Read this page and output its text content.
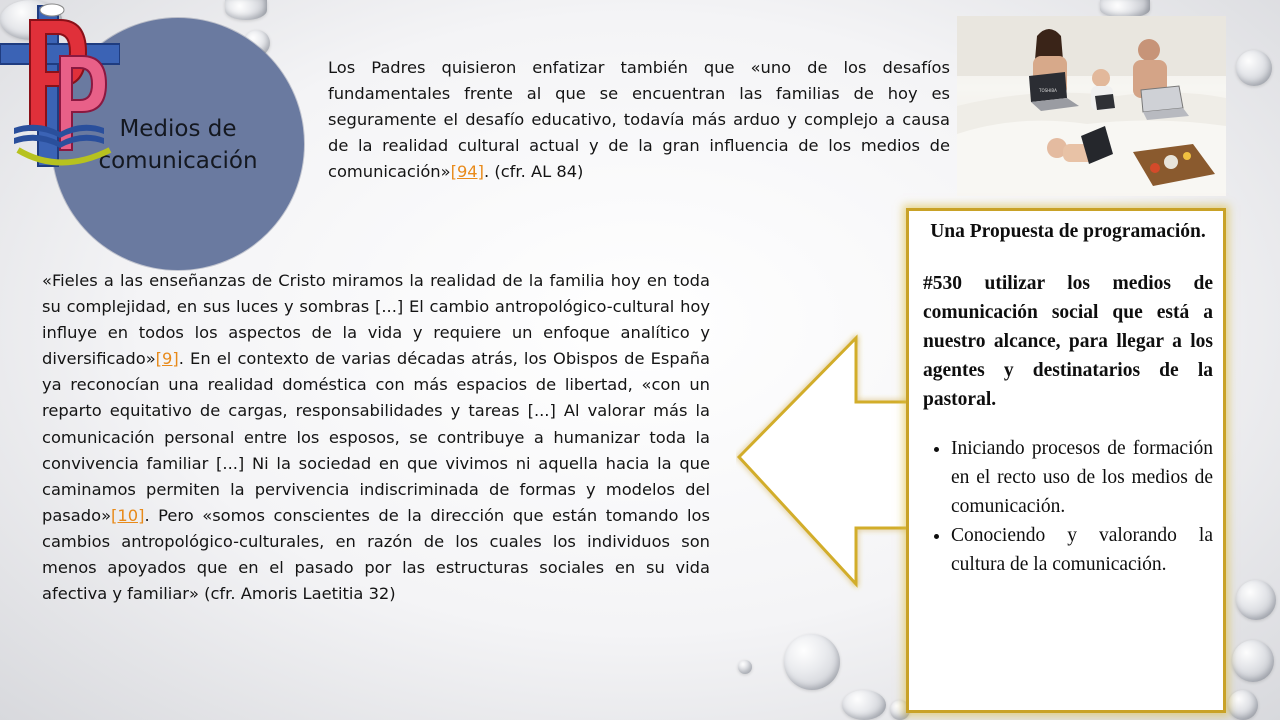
Medios de
comunicación
Los Padres quisieron enfatizar también que «uno de los desafíos fundamentales frente al que se encuentran las familias de hoy es seguramente el desafío educativo, todavía más arduo y complejo a causa de la realidad cultural actual y de la gran influencia de los medios de comunicación»[94]. (cfr. AL 84)
TOSHIBA
«Fieles a las enseñanzas de Cristo miramos la realidad de la familia hoy en toda su complejidad, en sus luces y sombras [...] El cambio antropológico-cultural hoy influye en todos los aspectos de la vida y requiere un enfoque analítico y diversificado»[9]. En el contexto de varias décadas atrás, los Obispos de España ya reconocían una realidad doméstica con más espacios de libertad, «con un reparto equitativo de cargas, responsabilidades y tareas [...] Al valorar más la comunicación personal entre los esposos, se contribuye a humanizar toda la convivencia familiar [...] Ni la sociedad en que vivimos ni aquella hacia la que caminamos permiten la pervivencia indiscriminada de formas y modelos del pasado»[10]. Pero «somos conscientes de la dirección que están tomando los cambios antropológico-culturales, en razón de los cuales los individuos son menos apoyados que en el pasado por las estructuras sociales en su vida afectiva y familiar» (cfr. Amoris Laetitia 32)
Una Propuesta de programación.
#530 utilizar los medios de comunicación social que está a nuestro alcance, para llegar a los agentes y destinatarios de la pastoral.
• Iniciando procesos de formación en el recto uso de los medios de comunicación.
• Conociendo y valorando la cultura de la comunicación.
